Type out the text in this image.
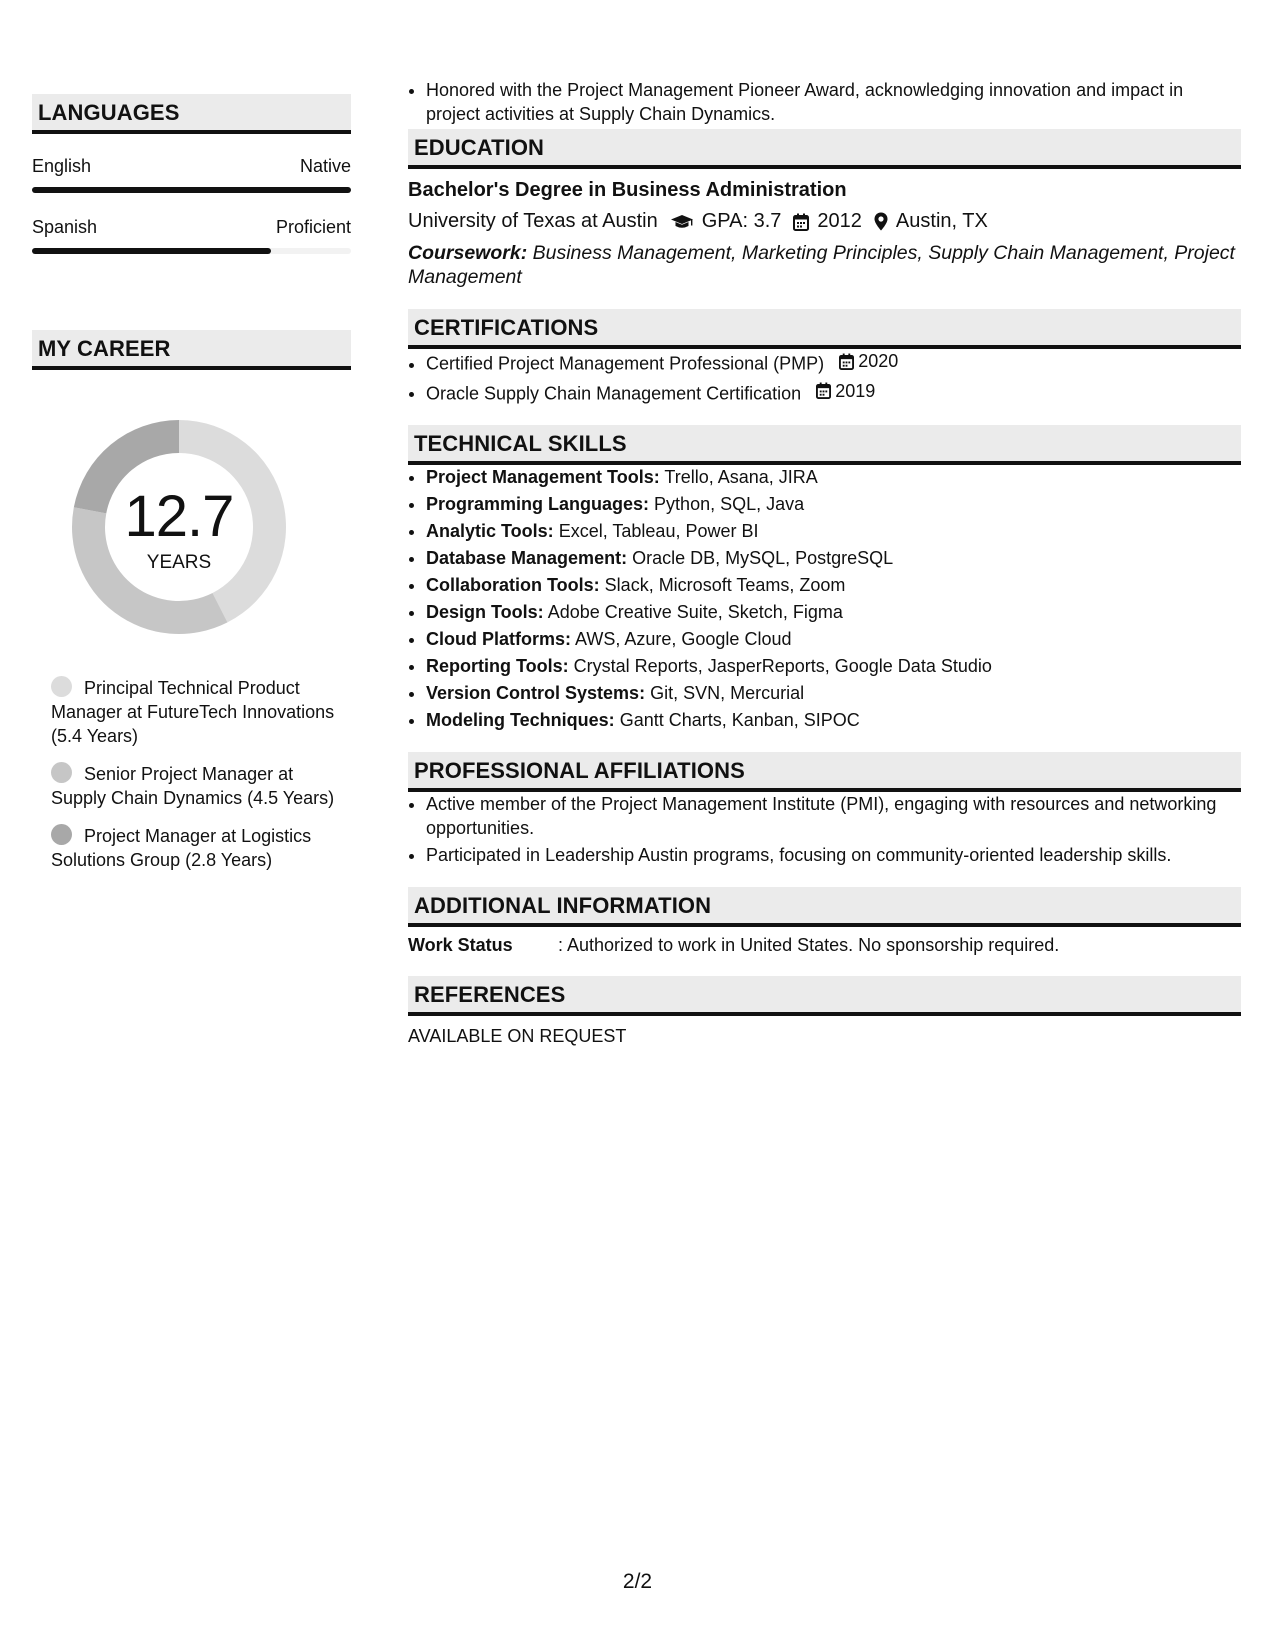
LANGUAGES
English	Native
Spanish	Proficient
MY CAREER
12.7
YEARS
Principal Technical Product Manager at FutureTech Innovations (5.4 Years)
Senior Project Manager at Supply Chain Dynamics (4.5 Years)
Project Manager at Logistics Solutions Group (2.8 Years)
• Honored with the Project Management Pioneer Award, acknowledging innovation and impact in project activities at Supply Chain Dynamics.
EDUCATION
Bachelor's Degree in Business Administration
University of Texas at Austin GPA: 3.7 2012 Austin, TX
Coursework: Business Management, Marketing Principles, Supply Chain Management, Project Management
CERTIFICATIONS
• Certified Project Management Professional (PMP) 2020
• Oracle Supply Chain Management Certification 2019
TECHNICAL SKILLS
• Project Management Tools: Trello, Asana, JIRA
• Programming Languages: Python, SQL, Java
• Analytic Tools: Excel, Tableau, Power BI
• Database Management: Oracle DB, MySQL, PostgreSQL
• Collaboration Tools: Slack, Microsoft Teams, Zoom
• Design Tools: Adobe Creative Suite, Sketch, Figma
• Cloud Platforms: AWS, Azure, Google Cloud
• Reporting Tools: Crystal Reports, JasperReports, Google Data Studio
• Version Control Systems: Git, SVN, Mercurial
• Modeling Techniques: Gantt Charts, Kanban, SIPOC
PROFESSIONAL AFFILIATIONS
• Active member of the Project Management Institute (PMI), engaging with resources and networking opportunities.
• Participated in Leadership Austin programs, focusing on community-oriented leadership skills.
ADDITIONAL INFORMATION
Work Status	: Authorized to work in United States. No sponsorship required.
REFERENCES
AVAILABLE ON REQUEST
2/2
